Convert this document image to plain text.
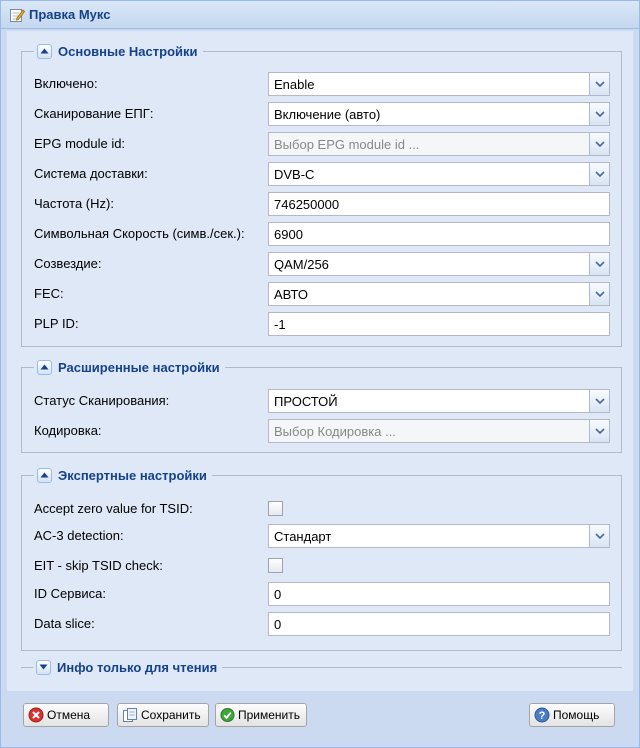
Правка Мукс
Основные Настройки
Включено:	Enable
Сканирование ЕПГ:	Включение (авто)
EPG module id:	Выбор EPG module id ...
Система доставки:	DVB-C
Частота (Hz):	746250000
Символьная Скорость (симв./сек.): 6900
Созвездие:	QAM/256
FEC:	АВТО
PLP ID:	-1
Расширенные настройки
Статус Сканирования:	ПРОСТОЙ
Кодировка:	Выбор Кодировка ...
Экспертные настройки
Accept zero value for TSID:
AC-3 detection:	Стандарт
EIT - skip TSID check:
ID Сервиса:	0
Data slice:	0
Инфо только для чтения
Отмена	Сохранить	Применить	? Помощь
